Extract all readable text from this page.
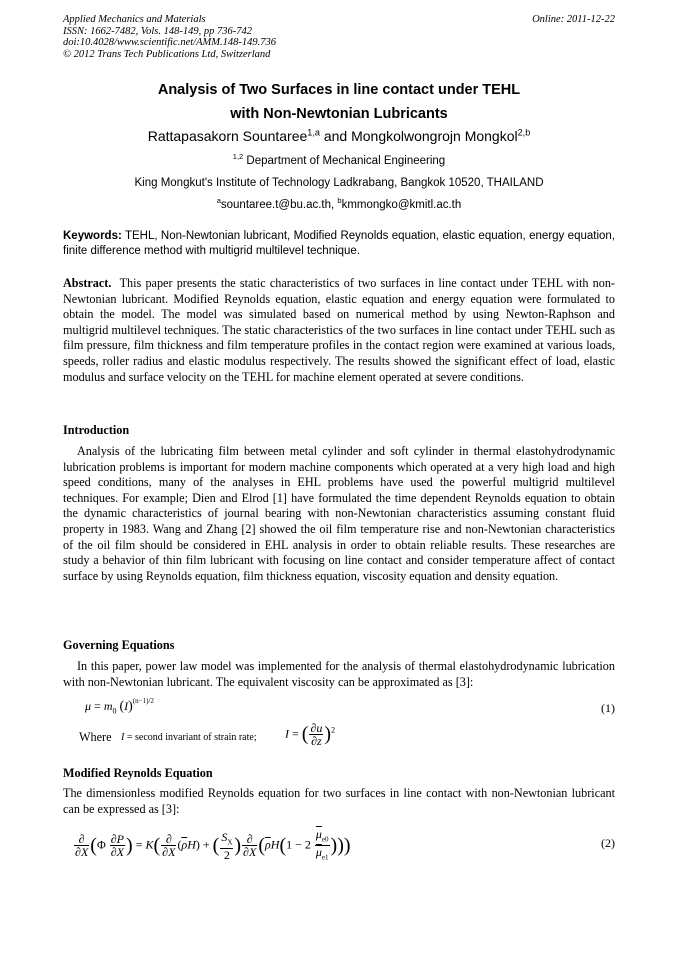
Applied Mechanics and Materials
ISSN: 1662-7482, Vols. 148-149, pp 736-742
doi:10.4028/www.scientific.net/AMM.148-149.736
© 2012 Trans Tech Publications Ltd, Switzerland
Online: 2011-12-22
Analysis of Two Surfaces in line contact under TEHL
with Non-Newtonian Lubricants
Rattapasakorn Sountaree$^{1,a}$ and Mongkolwongrojn Mongkol$^{2,b}$
$^{1,2}$ Department of Mechanical Engineering
King Mongkut's Institute of Technology Ladkrabang, Bangkok 10520, THAILAND
$^a$sountaree.t@bu.ac.th, $^b$kmmongko@kmitl.ac.th
Keywords: TEHL, Non-Newtonian lubricant, Modified Reynolds equation, elastic equation, energy equation, finite difference method with multigrid multilevel technique.
Abstract. This paper presents the static characteristics of two surfaces in line contact under TEHL with non-Newtonian lubricant. Modified Reynolds equation, elastic equation and energy equation were formulated to obtain the model. The model was simulated based on numerical method by using Newton-Raphson and multigrid multilevel techniques. The static characteristics of the two surfaces in line contact under TEHL such as film pressure, film thickness and film temperature profiles in the contact region were examined at various loads, speeds, roller radius and elastic modulus respectively. The results showed the significant effect of load, elastic modulus and surface velocity on the TEHL for machine element operated at severe conditions.
Introduction
Analysis of the lubricating film between metal cylinder and soft cylinder in thermal elastohydrodynamic lubrication problems is important for modern machine components which operated at a very high load and high speed conditions, many of the analyses in EHL problems have used the powerful multigrid multilevel techniques. For example; Dien and Elrod [1] have formulated the time dependent Reynolds equation to obtain the dynamic characteristics of journal bearing with non-Newtonian characteristics assuming constant fluid property in 1983. Wang and Zhang [2] showed the oil film temperature rise and non-Newtonian characteristics of the oil film should be considered in EHL analysis in order to obtain reliable results. These researches are study a behavior of thin film lubricant with focusing on line contact and consider temperature affect of contact surface by using Reynolds equation, film thickness equation, viscosity equation and density equation.
Governing Equations
In this paper, power law model was implemented for the analysis of thermal elastohydrodynamic lubrication with non-Newtonian lubricant. The equivalent viscosity can be approximated as [3]:
$\mu = m_0$ $(I)^{(n-1)/2}$	(1)
Where I = second invariant of strain rate; I = ( $\frac{\partial u}{\partial z} )^2$
Modified Reynolds Equation
The dimensionless modified Reynolds equation for two surfaces in line contact with non-Newtonian lubricant can be expressed as [3]:
$\frac{\partial}{\partial X} (\Phi \frac{\partial P}{\partial X}$ ) = $K( \frac{\partial}{\partial X} (\overline{\rho}H)$ + ( $\frac{S_X}{2}$ ) $\frac{\partial}{\partial X} (\overline{\rho}H(1 - 2 \frac{\overline{\mu}_{e0}}{\overline{\mu}_{e1}}$ )))	(2)
